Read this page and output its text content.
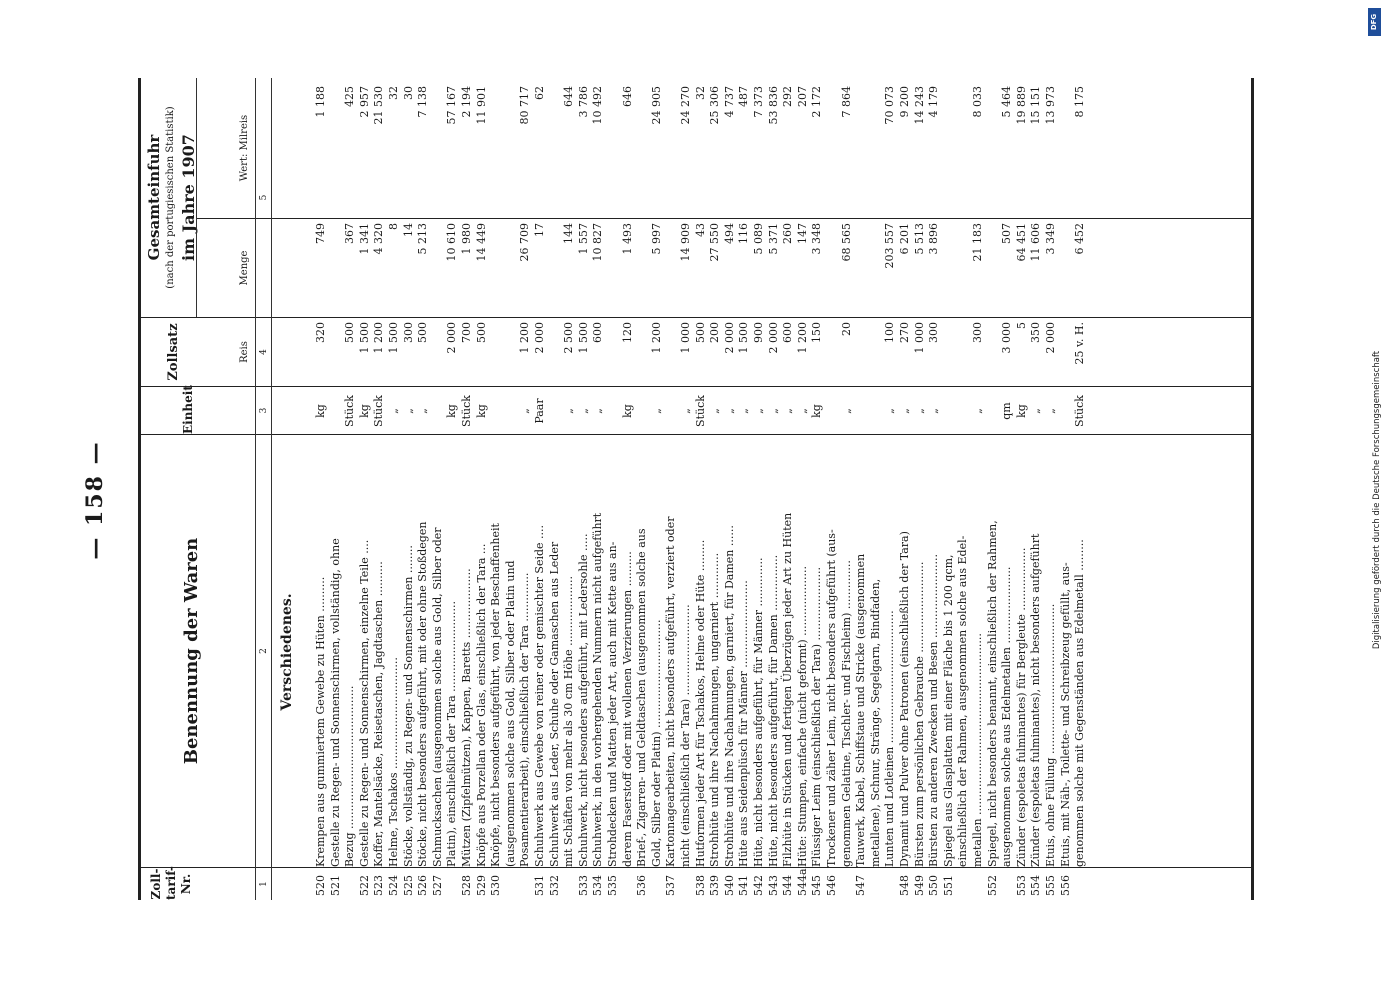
— 158 —
Zoll- tarif- Nr.
Benennung der Waren
Einheit
Zollsatz	Reis
Gesamteinfuhr (nach der portugiesischen Statistik) im Jahre 1907
Menge
Wert: Milreis
1
2
3
4
5
Verschiedenes.
520
Krempen aus gummiertem Gewebe zu Hüten ..........
kg
320
749
1 188
521
Gestelle zu Regen- und Sonnenschirmen, vollständig, ohne Bezug .........................................
Stück
500
367
425
522
Gestelle zu Regen- und Sonnenschirmen, einzelne Teile ....
kg
1 500
1 341
2 957
523
Koffer, Mantelsäcke, Reisetaschen, Jagdtaschen ..........
Stück
1 200
4 320
21 530
524
Helme, Tschakos ................................
„
1 500
8
32
525
Stöcke, vollständig, zu Regen- und Sonnenschirmen ........
„
300
14
30
526
Stöcke, nicht besonders aufgeführt, mit oder ohne Stoßdegen
„
500
5 213
7 138
527
Schmucksachen (ausgenommen solche aus Gold, Silber oder Platin), einschließlich der Tara ..........................
kg
2 000
10 610
57 167
528
Mützen (Zipfelmützen), Kappen, Baretts ....................
Stück
700
1 980
2 194
529
Knöpfe aus Porzellan oder Glas, einschließlich der Tara ...
kg
500
14 449
11 901
530
Knöpfe, nicht besonders aufgeführt, von jeder Beschaffenheit (ausgenommen solche aus Gold, Silber oder Platin und Posamentierarbeit), einschließlich der Tara ..............
„
1 200
26 709
80 717
531
Schuhwerk aus Gewebe von reiner oder gemischter Seide ....
Paar
2 000
17
62
532
Schuhwerk aus Leder, Schuhe oder Gamaschen aus Leder mit Schäften von mehr als 30 cm Höhe ....................
„
2 500
144
644
533
Schuhwerk, nicht besonders aufgeführt, mit Ledersohle .....
„
1 500
1 557
3 786
534
Schuhwerk, in den vorhergehenden Nummern nicht aufgeführt
„
600
10 827
10 492
535
Strohdecken und Matten jeder Art, auch mit Kette aus an- derem Faserstoff oder mit wollenen Verzierungen ..........
kg
120
1 493
646
536
Brief-, Zigarren- und Geldtaschen (ausgenommen solche aus Gold, Silber oder Platin) ...............................
„
1 200
5 997
24 905
537
Kartonnagearbeiten, nicht besonders aufgeführt, verziert oder nicht (einschließlich der Tara) ..........................
„
1 000
14 909
24 270
538
Hutformen jeder Art für Tschakos, Helme oder Hüte .........
Stück
500
43
32
539
Strohhüte und ihre Nachahmungen, ungarniert .............
„
200
27 550
25 306
540
Strohhüte und ihre Nachahmungen, garniert, für Damen ......
„
2 000
494
4 737
541
Hüte aus Seidenplüsch für Männer .........................
„
1 500
116
487
542
Hüte, nicht besonders aufgeführt, für Männer ..............
„
900
5 089
7 373
543
Hüte, nicht besonders aufgeführt, für Damen ................
„
2 000
5 371
53 836
544
Filzhüte in Stücken und fertigen Überzügen jeder Art zu Hüten
„
600
260
292
544a
Hüte: Stumpen, einfache (nicht geformt) ....................
„
1 200
147
207
545
Flüssiger Leim (einschließlich der Tara) .....................
kg
150
3 348
2 172
546
Trockener und zäher Leim, nicht besonders aufgeführt (aus- genommen Gelatine, Tischler- und Fischleim) ..............
„
20
68 565
7 864
547
Tauwerk, Kabel, Schiffstaue und Stricke (ausgenommen metallene), Schnur, Stränge, Segelgarn, Bindfaden, Lunten und Lotleinen ......................................
„
100
203 557
70 073
548
Dynamit und Pulver ohne Patronen (einschließlich der Tara)
„
270
6 201
9 200
549
Bürsten zum persönlichen Gebrauche ..........................
„
1 000
5 513
14 243
550
Bürsten zu anderen Zwecken und Besen ........................
„
300
3 896
4 179
551
Spiegel aus Glasplatten mit einer Fläche bis 1 200 qcm, einschließlich der Rahmen, ausgenommen solche aus Edel- metallen ....................................................
„
300
21 183
8 033
552
Spiegel, nicht besonders benannt, einschließlich der Rahmen, ausgenommen solche aus Edelmetallen ......................
qm
3 000
507
5 464
553
Zünder (espoletas fulminantes) für Bergleute ..................
kg
5
64 451
19 889
554
Zünder (espoletas fulminantes), nicht besonders aufgeführt
„
350
11 606
15 151
555
Etuis, ohne Füllung ...........................................
„
2 000
3 349
13 973
556
Etuis, mit Näh-, Toilette- und Schreibzeug gefüllt, aus- genommen solche mit Gegenständen aus Edelmetall .........
Stück
25 v. H.
6 452
8 175
DFG
Digitalisierung gefördert durch die Deutsche Forschungsgemeinschaft
